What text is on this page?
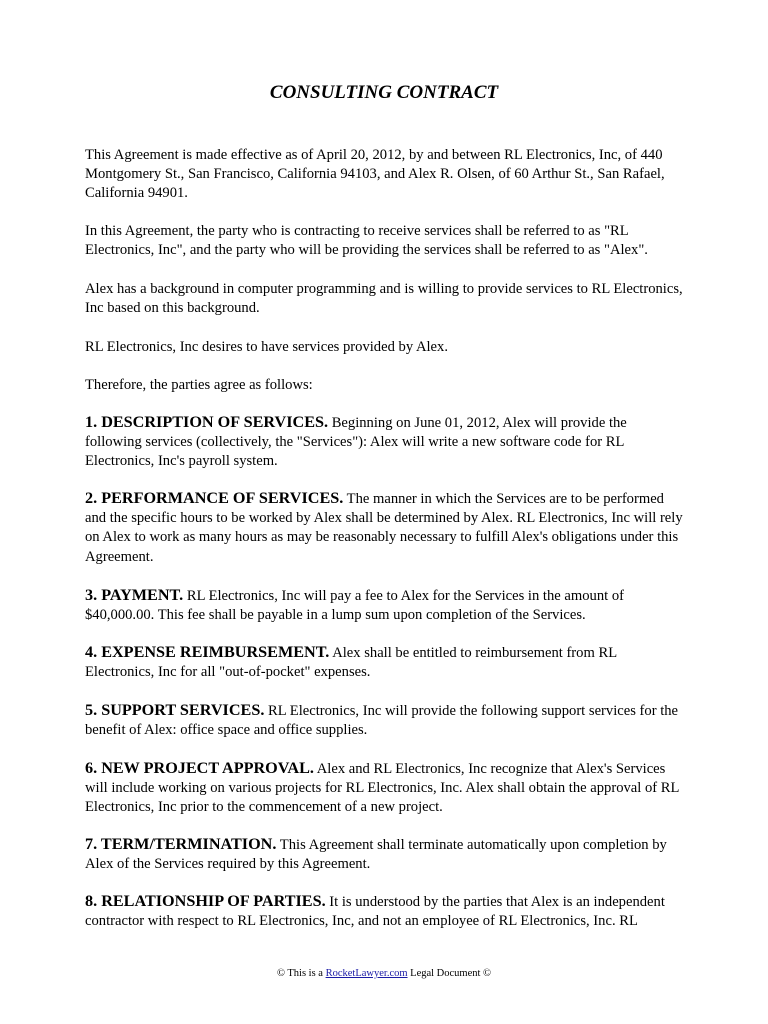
CONSULTING CONTRACT

This Agreement is made effective as of April 20, 2012, by and between RL Electronics, Inc, of 440 Montgomery St., San Francisco, California 94103, and Alex R. Olsen, of 60 Arthur St., San Rafael, California 94901.

In this Agreement, the party who is contracting to receive services shall be referred to as "RL Electronics, Inc", and the party who will be providing the services shall be referred to as "Alex".

Alex has a background in computer programming and is willing to provide services to RL Electronics, Inc based on this background.

RL Electronics, Inc desires to have services provided by Alex.

Therefore, the parties agree as follows:

1. DESCRIPTION OF SERVICES. Beginning on June 01, 2012, Alex will provide the following services (collectively, the "Services"): Alex will write a new software code for RL Electronics, Inc's payroll system.

2. PERFORMANCE OF SERVICES. The manner in which the Services are to be performed and the specific hours to be worked by Alex shall be determined by Alex. RL Electronics, Inc will rely on Alex to work as many hours as may be reasonably necessary to fulfill Alex's obligations under this Agreement.

3. PAYMENT. RL Electronics, Inc will pay a fee to Alex for the Services in the amount of $40,000.00. This fee shall be payable in a lump sum upon completion of the Services.

4. EXPENSE REIMBURSEMENT. Alex shall be entitled to reimbursement from RL Electronics, Inc for all "out-of-pocket" expenses.

5. SUPPORT SERVICES. RL Electronics, Inc will provide the following support services for the benefit of Alex: office space and office supplies.

6. NEW PROJECT APPROVAL. Alex and RL Electronics, Inc recognize that Alex's Services will include working on various projects for RL Electronics, Inc. Alex shall obtain the approval of RL Electronics, Inc prior to the commencement of a new project.

7. TERM/TERMINATION. This Agreement shall terminate automatically upon completion by Alex of the Services required by this Agreement.

8. RELATIONSHIP OF PARTIES. It is understood by the parties that Alex is an independent contractor with respect to RL Electronics, Inc, and not an employee of RL Electronics, Inc. RL

© This is a RocketLawyer.com Legal Document ©
